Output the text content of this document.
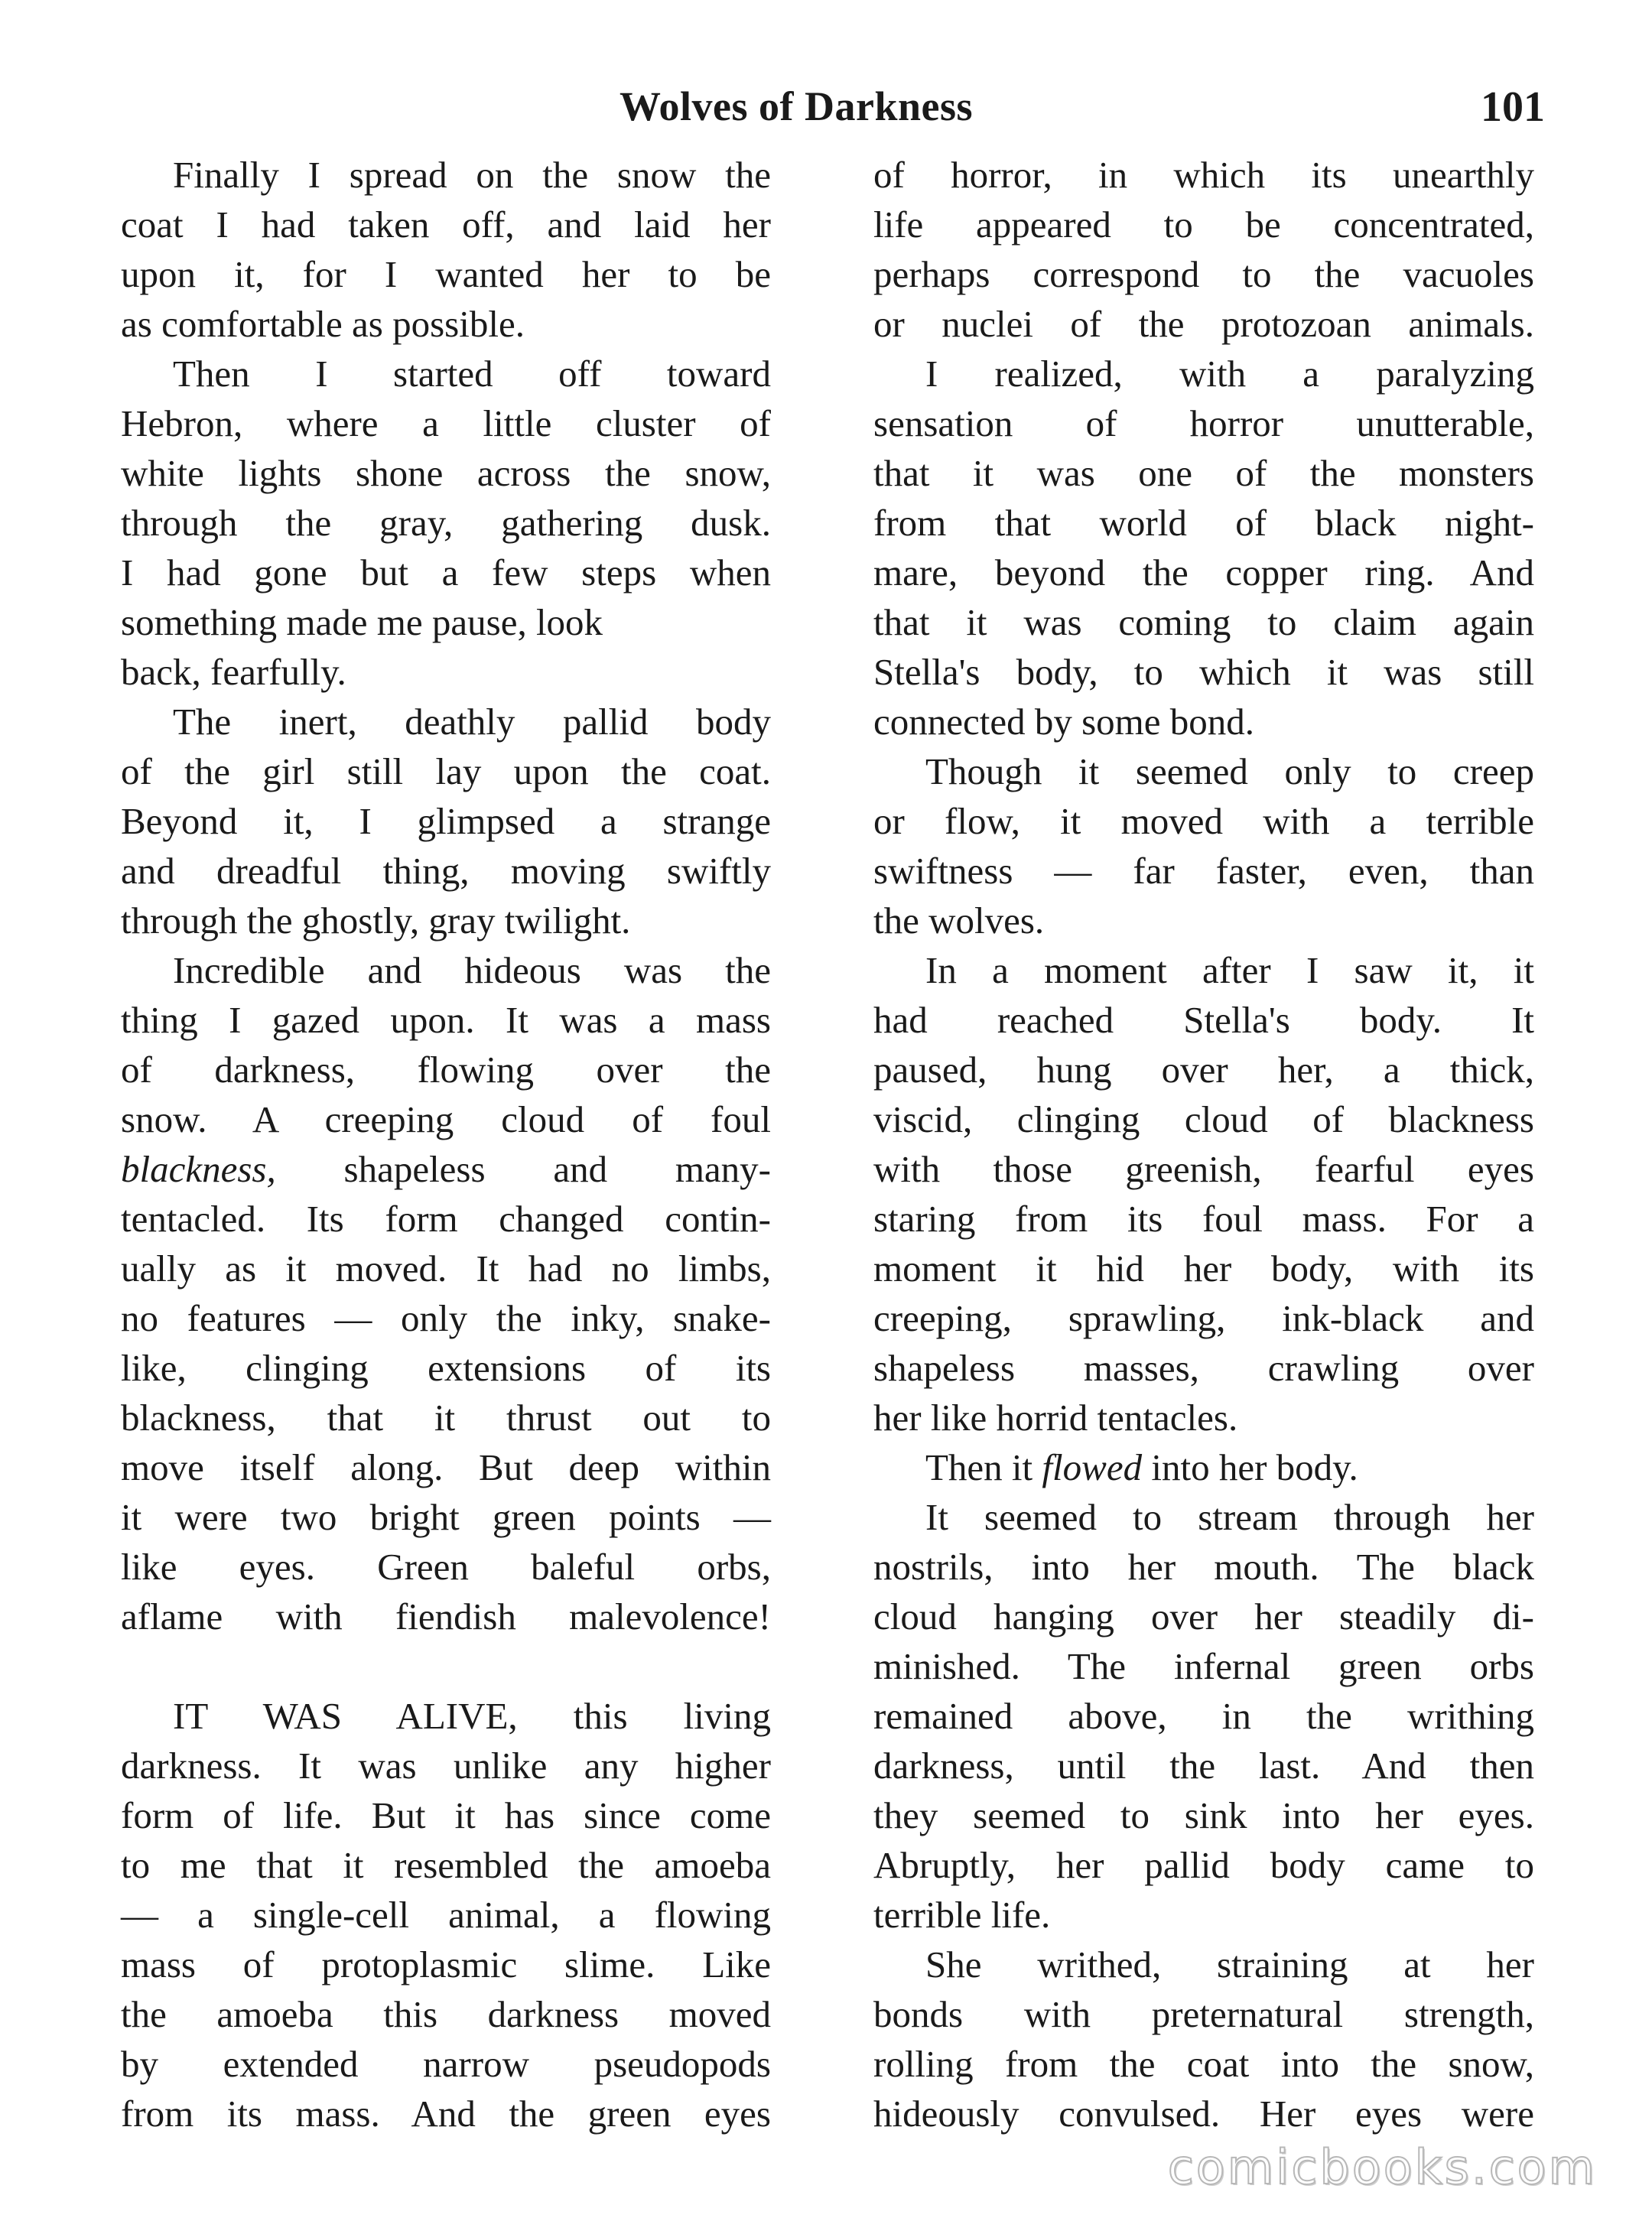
Wolves of Darkness	101
Finally I spread on the snow the
coat I had taken off, and laid her
upon it, for I wanted her to be
as comfortable as possible.
Then I started off toward
Hebron, where a little cluster of
white lights shone across the snow,
through the gray, gathering dusk.
I had gone but a few steps when
something made me pause, look
back, fearfully.
The inert, deathly pallid body
of the girl still lay upon the coat.
Beyond it, I glimpsed a strange
and dreadful thing, moving swiftly
through the ghostly, gray twilight.
Incredible and hideous was the
thing I gazed upon. It was a mass
of darkness, flowing over the
snow. A creeping cloud of foul
blackness, shapeless and many-
tentacled. Its form changed contin-
ually as it moved. It had no limbs,
no features — only the inky, snake-
like, clinging extensions of its
blackness, that it thrust out to
move itself along. But deep within
it were two bright green points —
like eyes. Green baleful orbs,
aflame with fiendish malevolence!
IT WAS ALIVE, this living
darkness. It was unlike any higher
form of life. But it has since come
to me that it resembled the amoeba
— a single-cell animal, a flowing
mass of protoplasmic slime. Like
the amoeba this darkness moved
by extended narrow pseudopods
from its mass. And the green eyes
of horror, in which its unearthly
life appeared to be concentrated,
perhaps correspond to the vacuoles
or nuclei of the protozoan animals.
I realized, with a paralyzing
sensation of horror unutterable,
that it was one of the monsters
from that world of black night-
mare, beyond the copper ring. And
that it was coming to claim again
Stella's body, to which it was still
connected by some bond.
Though it seemed only to creep
or flow, it moved with a terrible
swiftness — far faster, even, than
the wolves.
In a moment after I saw it, it
had reached Stella's body. It
paused, hung over her, a thick,
viscid, clinging cloud of blackness
with those greenish, fearful eyes
staring from its foul mass. For a
moment it hid her body, with its
creeping, sprawling, ink-black and
shapeless masses, crawling over
her like horrid tentacles.
Then it flowed into her body.
It seemed to stream through her
nostrils, into her mouth. The black
cloud hanging over her steadily di-
minished. The infernal green orbs
remained above, in the writhing
darkness, until the last. And then
they seemed to sink into her eyes.
Abruptly, her pallid body came to
terrible life.
She writhed, straining at her
bonds with preternatural strength,
rolling from the coat into the snow,
hideously convulsed. Her eyes were
comicbooks.com
